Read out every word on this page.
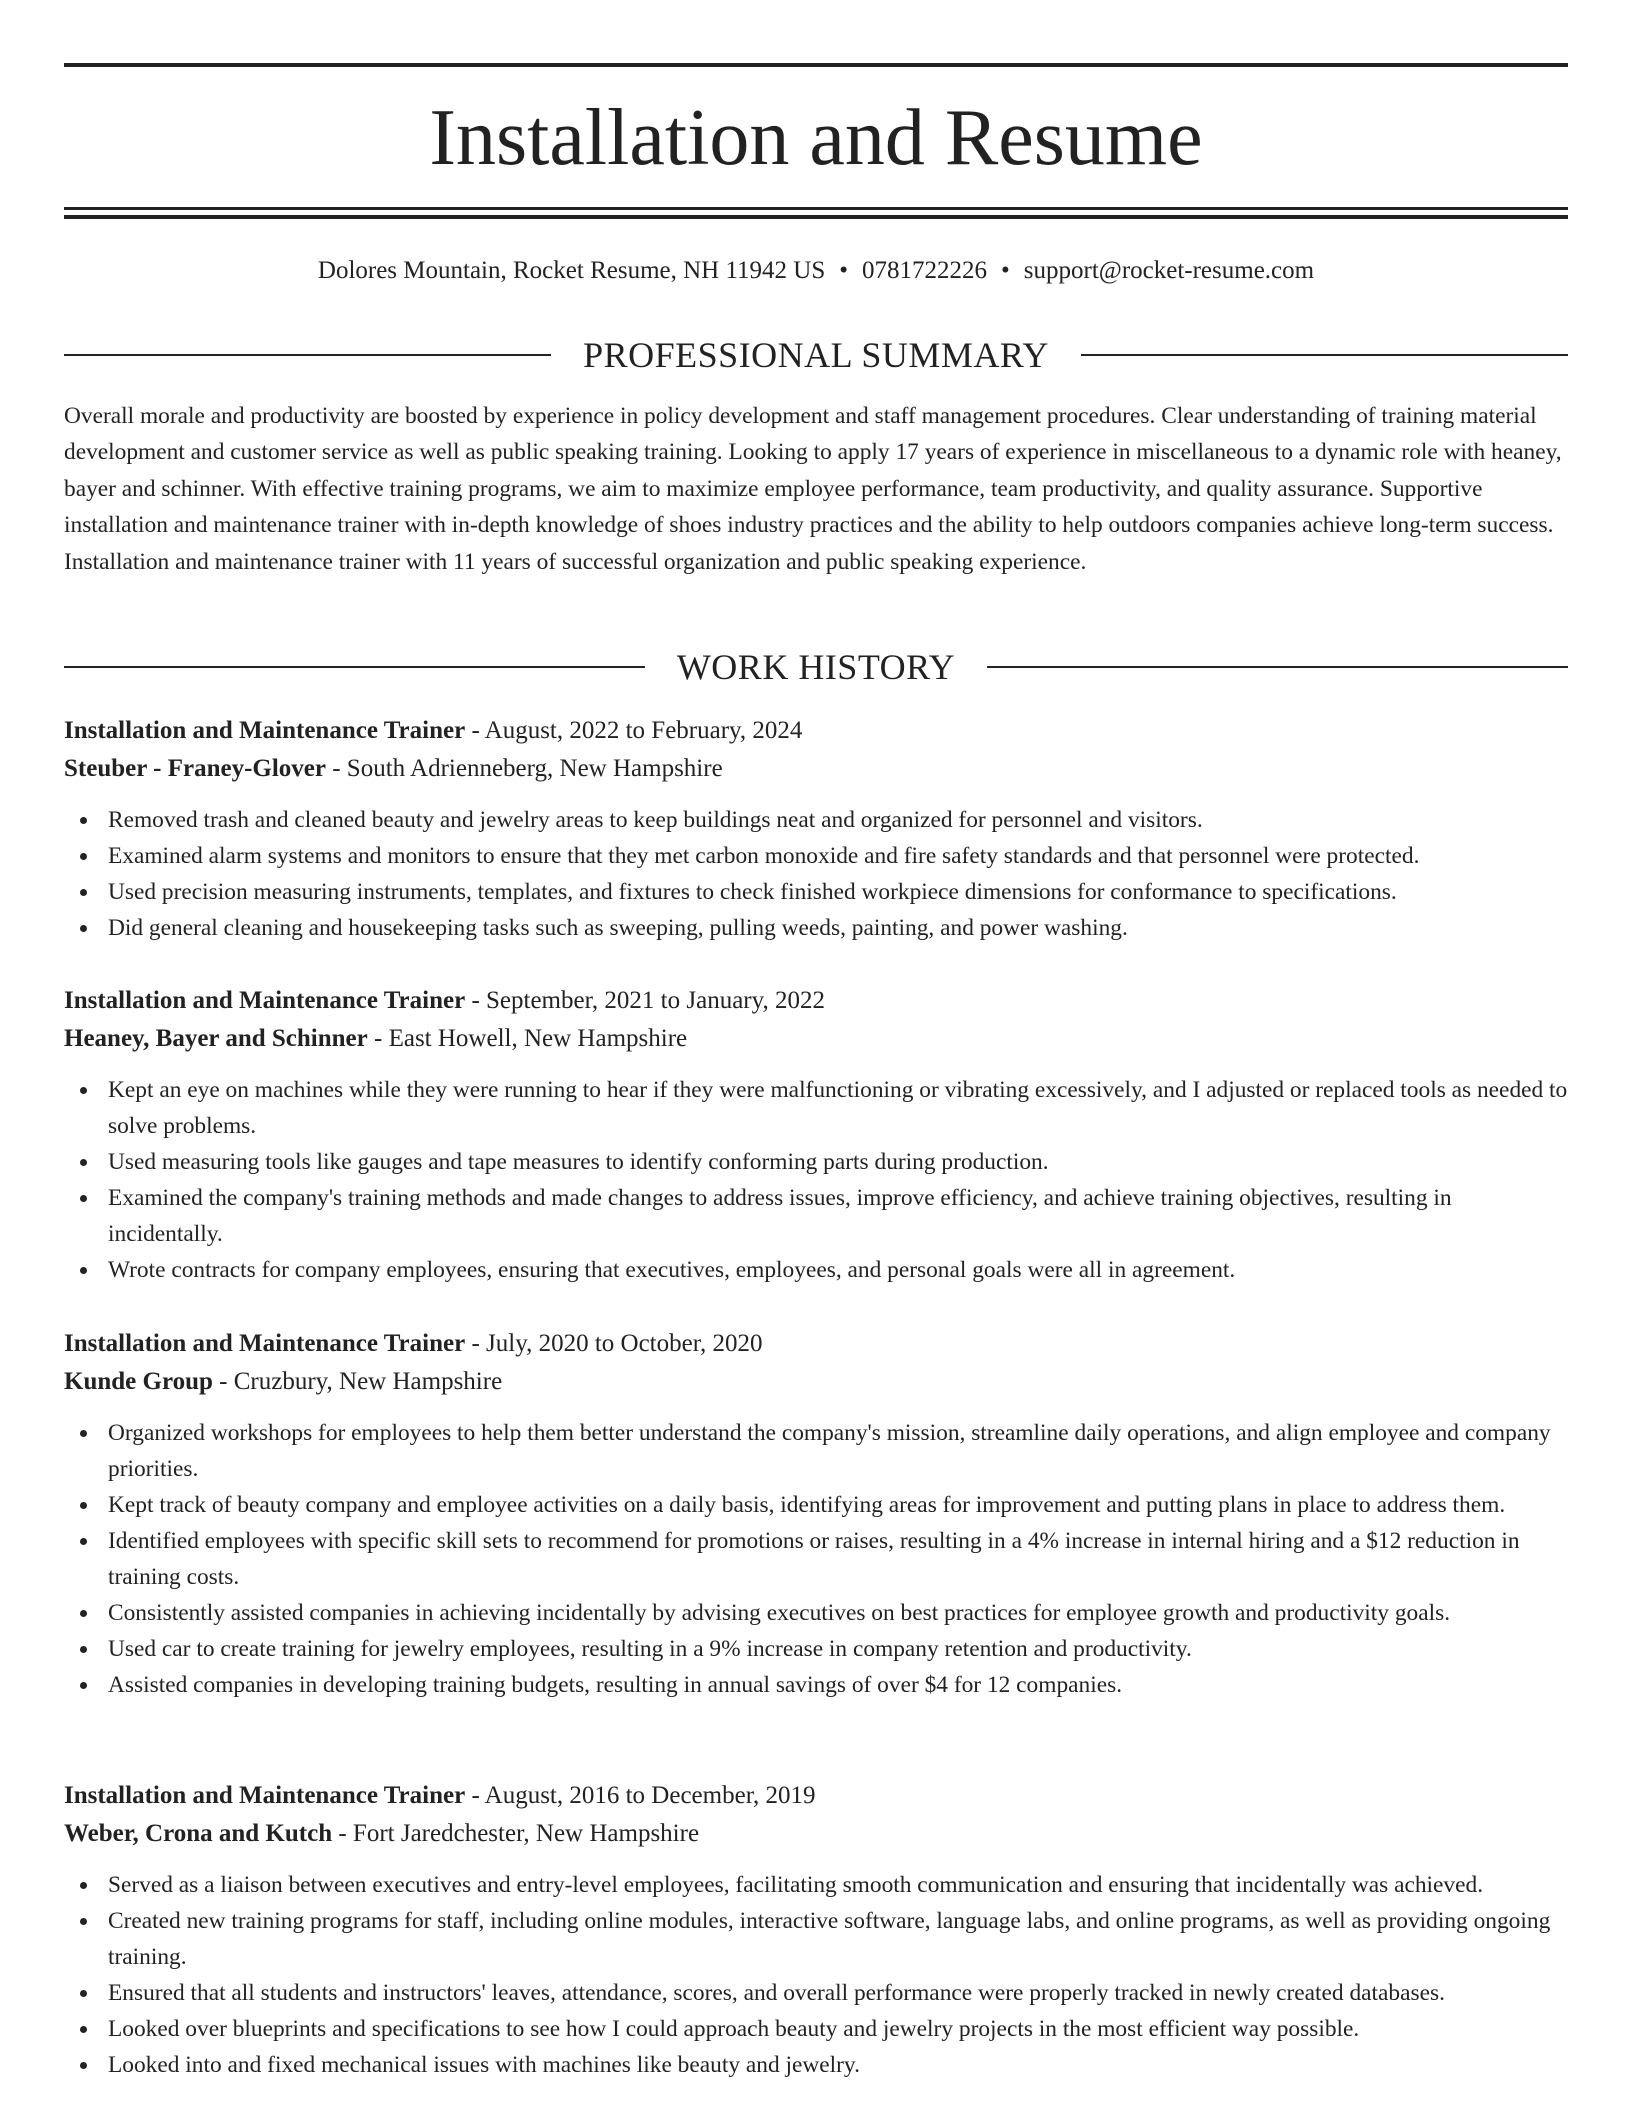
Installation and Resume
Dolores Mountain, Rocket Resume, NH 11942 US • 0781722226 • support@rocket-resume.com
PROFESSIONAL SUMMARY

Overall morale and productivity are boosted by experience in policy development and staff management procedures. Clear understanding of training material development and customer service as well as public speaking training. Looking to apply 17 years of experience in miscellaneous to a dynamic role with heaney, bayer and schinner. With effective training programs, we aim to maximize employee performance, team productivity, and quality assurance. Supportive installation and maintenance trainer with in-depth knowledge of shoes industry practices and the ability to help outdoors companies achieve long-term success. Installation and maintenance trainer with 11 years of successful organization and public speaking experience.

WORK HISTORY

Installation and Maintenance Trainer - August, 2022 to February, 2024

Steuber - Franey-Glover - South Adrienneberg, New Hampshire

Removed trash and cleaned beauty and jewelry areas to keep buildings neat and organized for personnel and visitors.
Examined alarm systems and monitors to ensure that they met carbon monoxide and fire safety standards and that personnel were protected.
Used precision measuring instruments, templates, and fixtures to check finished workpiece dimensions for conformance to specifications.
Did general cleaning and housekeeping tasks such as sweeping, pulling weeds, painting, and power washing.

Installation and Maintenance Trainer - September, 2021 to January, 2022

Heaney, Bayer and Schinner - East Howell, New Hampshire

Kept an eye on machines while they were running to hear if they were malfunctioning or vibrating excessively, and I adjusted or replaced tools as needed to solve problems.
Used measuring tools like gauges and tape measures to identify conforming parts during production.
Examined the company's training methods and made changes to address issues, improve efficiency, and achieve training objectives, resulting in incidentally.
Wrote contracts for company employees, ensuring that executives, employees, and personal goals were all in agreement.

Installation and Maintenance Trainer - July, 2020 to October, 2020

Kunde Group - Cruzbury, New Hampshire

Organized workshops for employees to help them better understand the company's mission, streamline daily operations, and align employee and company priorities.
Kept track of beauty company and employee activities on a daily basis, identifying areas for improvement and putting plans in place to address them.
Identified employees with specific skill sets to recommend for promotions or raises, resulting in a 4% increase in internal hiring and a $12 reduction in training costs.
Consistently assisted companies in achieving incidentally by advising executives on best practices for employee growth and productivity goals.
Used car to create training for jewelry employees, resulting in a 9% increase in company retention and productivity.
Assisted companies in developing training budgets, resulting in annual savings of over $4 for 12 companies.

Installation and Maintenance Trainer - August, 2016 to December, 2019

Weber, Crona and Kutch - Fort Jaredchester, New Hampshire

Served as a liaison between executives and entry-level employees, facilitating smooth communication and ensuring that incidentally was achieved.
Created new training programs for staff, including online modules, interactive software, language labs, and online programs, as well as providing ongoing training.
Ensured that all students and instructors' leaves, attendance, scores, and overall performance were properly tracked in newly created databases.
Looked over blueprints and specifications to see how I could approach beauty and jewelry projects in the most efficient way possible.
Looked into and fixed mechanical issues with machines like beauty and jewelry.
